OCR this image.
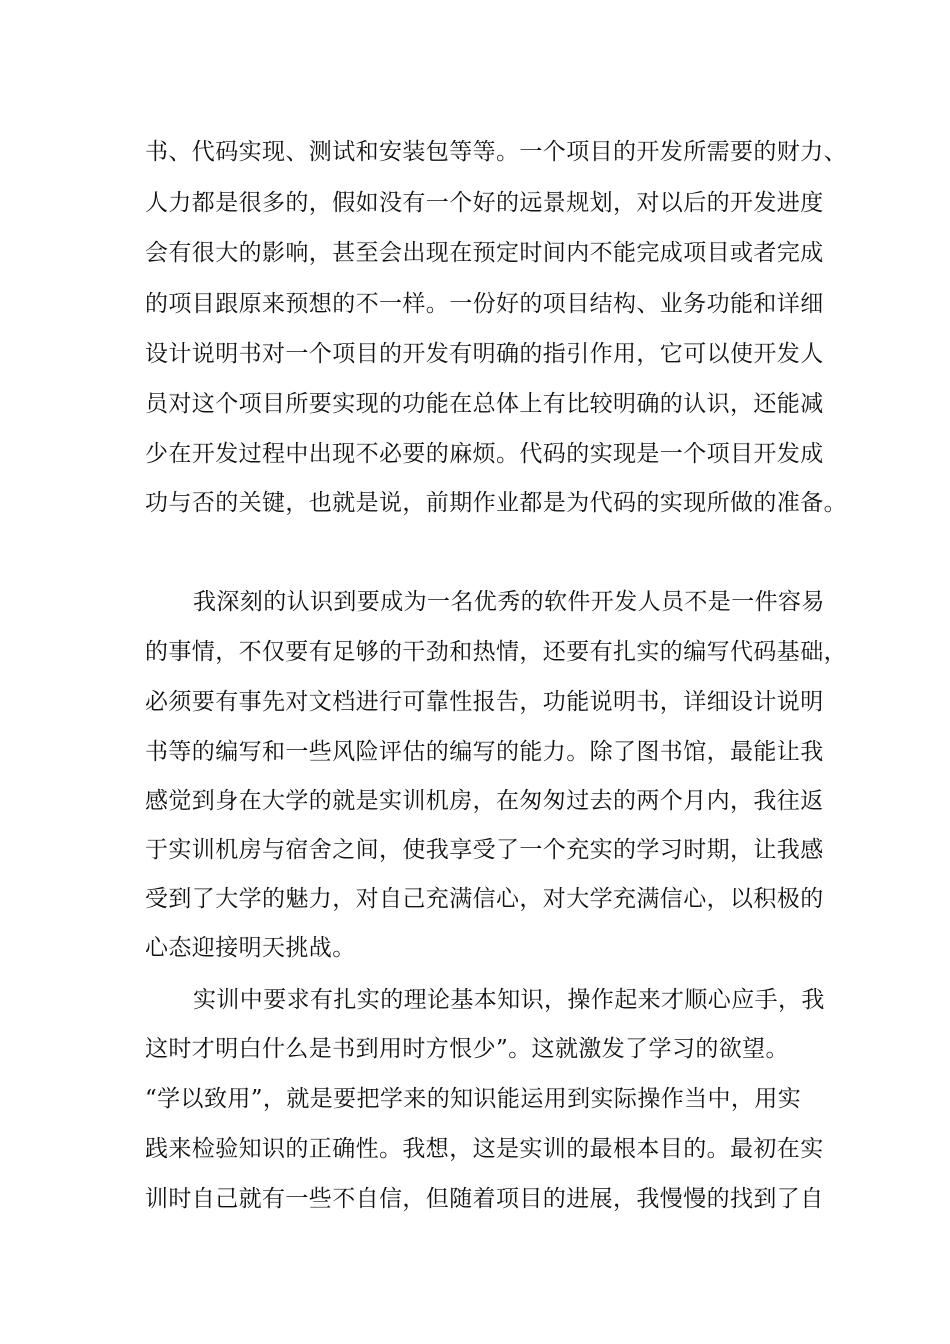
书、代码实现、测试和安装包等等。一个项目的开发所需要的财力、
人力都是很多的，假如没有一个好的远景规划，对以后的开发进度
会有很大的影响，甚至会出现在预定时间内不能完成项目或者完成
的项目跟原来预想的不一样。一份好的项目结构、业务功能和详细
设计说明书对一个项目的开发有明确的指引作用，它可以使开发人
员对这个项目所要实现的功能在总体上有比较明确的认识，还能减
少在开发过程中出现不必要的麻烦。代码的实现是一个项目开发成
功与否的关键，也就是说，前期作业都是为代码的实现所做的准备。
我深刻的认识到要成为一名优秀的软件开发人员不是一件容易
的事情，不仅要有足够的干劲和热情，还要有扎实的编写代码基础，
必须要有事先对文档进行可靠性报告，功能说明书，详细设计说明
书等的编写和一些风险评估的编写的能力。除了图书馆，最能让我
感觉到身在大学的就是实训机房，在匆匆过去的两个月内，我往返
于实训机房与宿舍之间，使我享受了一个充实的学习时期，让我感
受到了大学的魅力，对自己充满信心，对大学充满信心，以积极的
心态迎接明天挑战。
实训中要求有扎实的理论基本知识，操作起来才顺心应手，我
这时才明白什么是书到用时方恨少”。这就激发了学习的欲望。
“学以致用”，就是要把学来的知识能运用到实际操作当中，用实
践来检验知识的正确性。我想，这是实训的最根本目的。最初在实
训时自己就有一些不自信，但随着项目的进展，我慢慢的找到了自
